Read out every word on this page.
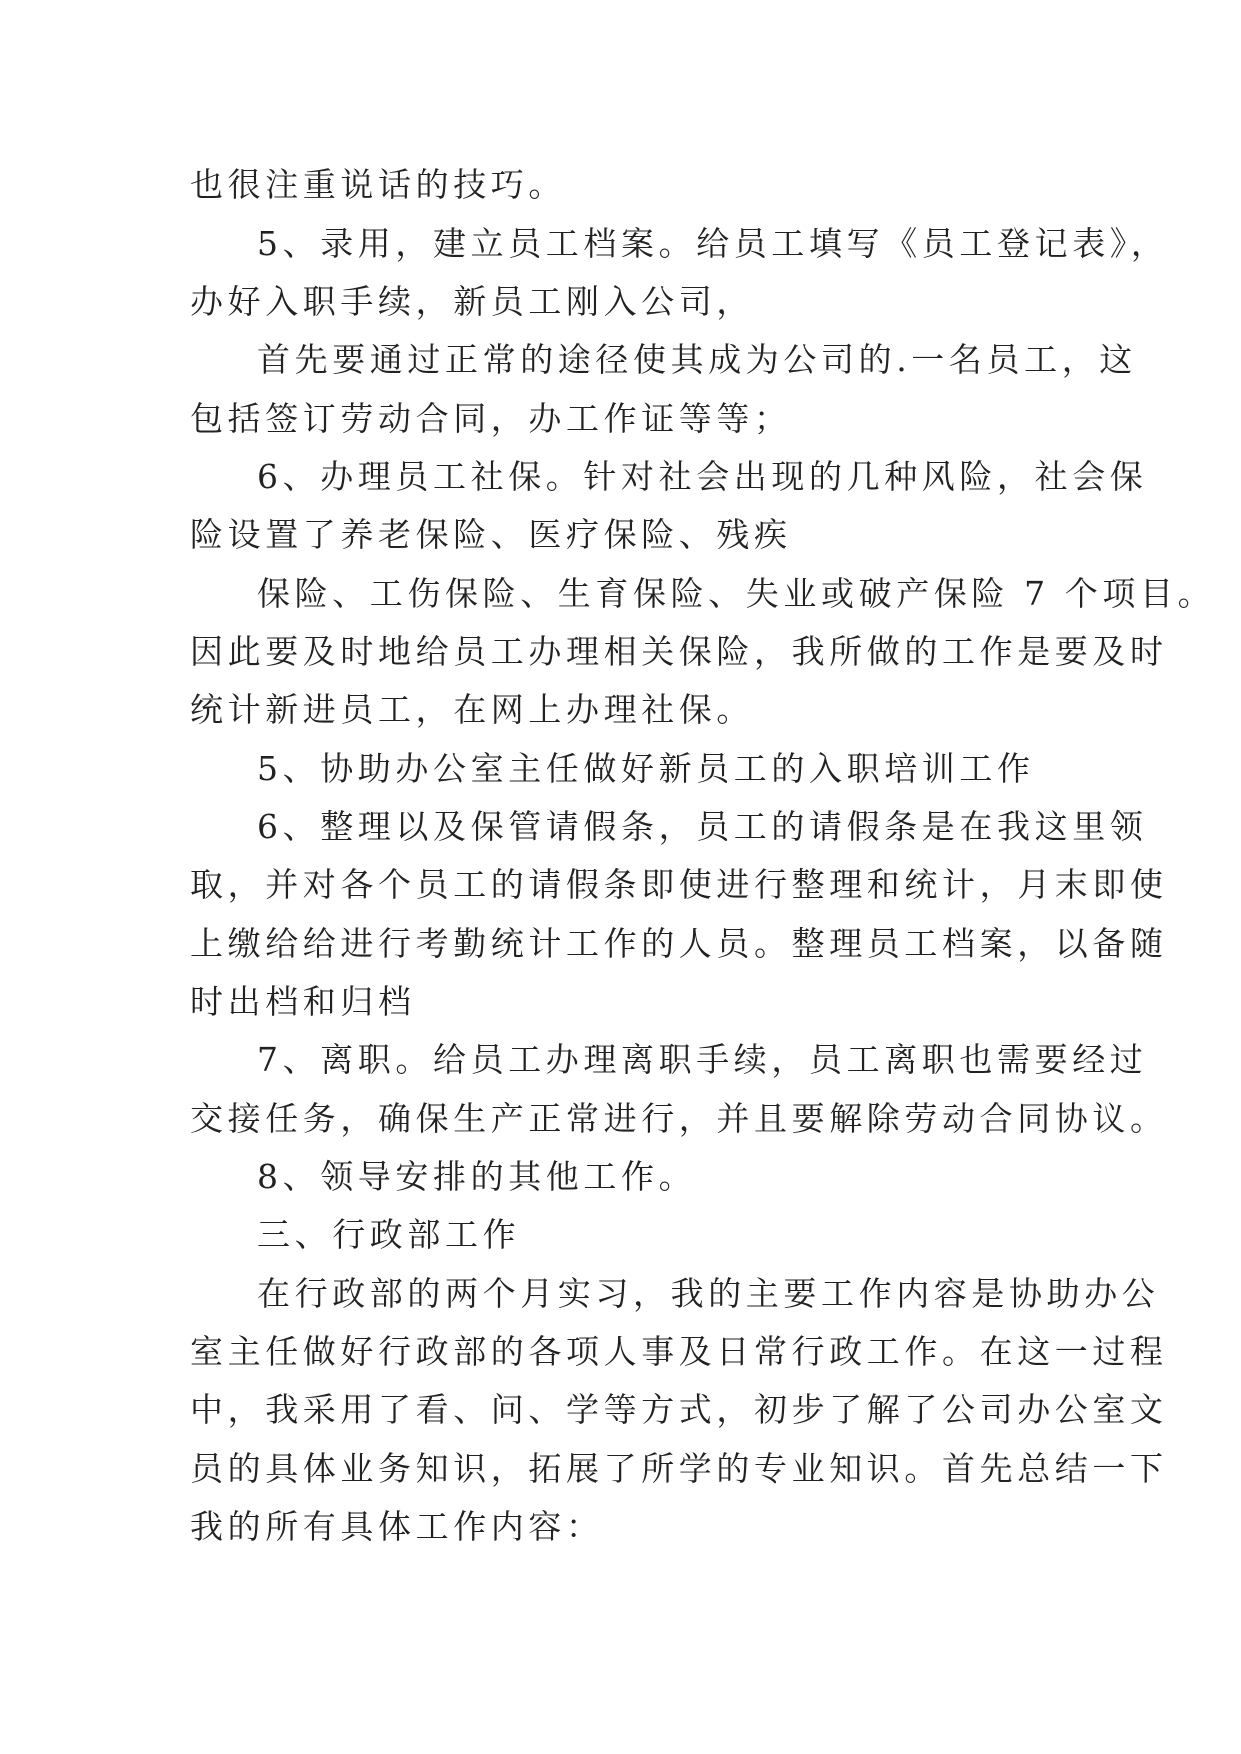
也很注重说话的技巧。
5、录用，建立员工档案。给员工填写《员工登记表》，
办好入职手续，新员工刚入公司，
首先要通过正常的途径使其成为公司的.一名员工，这
包括签订劳动合同，办工作证等等；
6、办理员工社保。针对社会出现的几种风险，社会保
险设置了养老保险、医疗保险、残疾
保险、工伤保险、生育保险、失业或破产保险 7 个项目。
因此要及时地给员工办理相关保险，我所做的工作是要及时
统计新进员工，在网上办理社保。
5、协助办公室主任做好新员工的入职培训工作
6、整理以及保管请假条，员工的请假条是在我这里领
取，并对各个员工的请假条即使进行整理和统计，月末即使
上缴给给进行考勤统计工作的人员。整理员工档案，以备随
时出档和归档
7、离职。给员工办理离职手续，员工离职也需要经过
交接任务，确保生产正常进行，并且要解除劳动合同协议。
8、领导安排的其他工作。
三、行政部工作
在行政部的两个月实习，我的主要工作内容是协助办公
室主任做好行政部的各项人事及日常行政工作。在这一过程
中，我采用了看、问、学等方式，初步了解了公司办公室文
员的具体业务知识，拓展了所学的专业知识。首先总结一下
我的所有具体工作内容：
